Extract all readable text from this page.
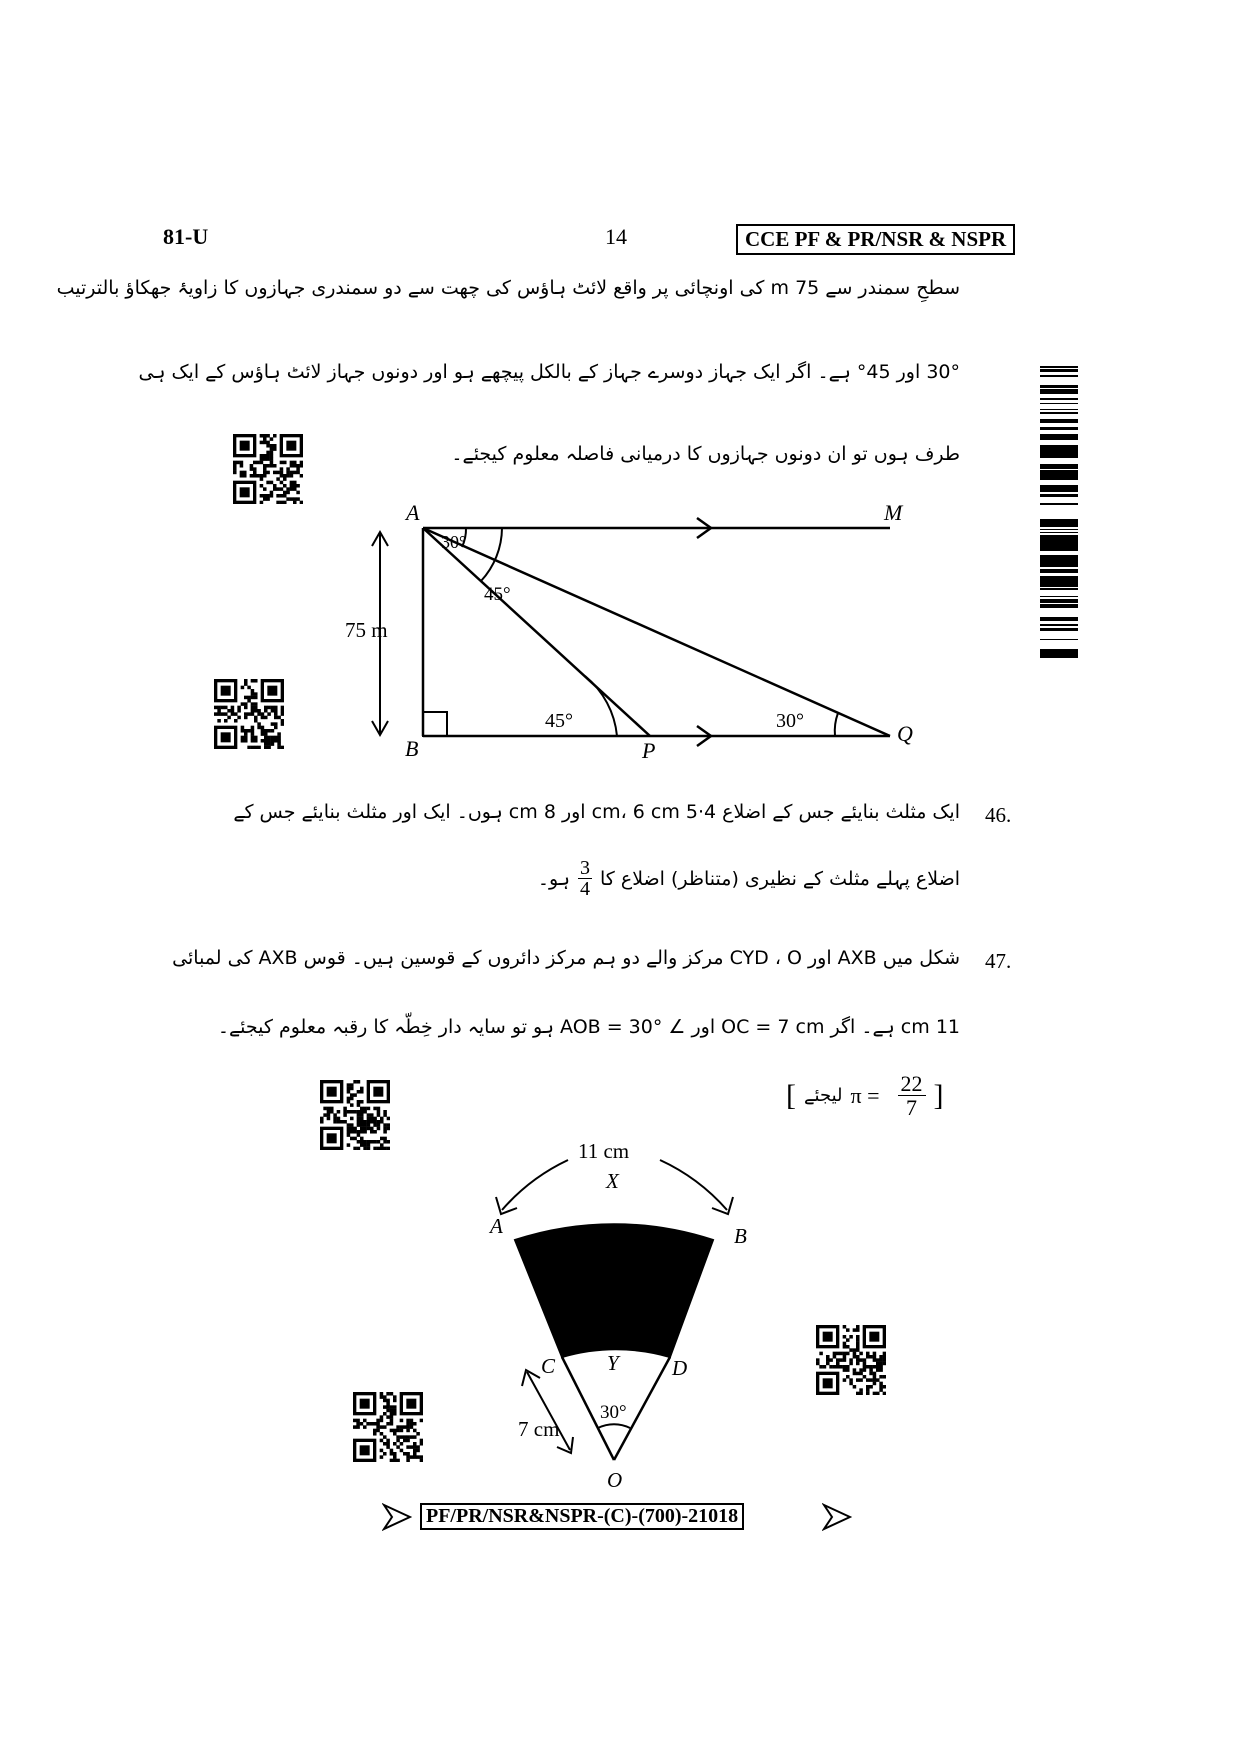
81-U	14	CCE PF & PR/NSR & NSPR
سطحِ سمندر سے 75 m کی اونچائی پر واقع لائٹ ہاؤس کی چھت سے دو سمندری جہازوں کا زاویۂ جھکاؤ بالترتیب
30° اور 45° ہے۔ اگر ایک جہاز دوسرے جہاز کے بالکل پیچھے ہو اور دونوں جہاز لائٹ ہاؤس کے ایک ہی
طرف ہوں تو ان دونوں جہازوں کا درمیانی فاصلہ معلوم کیجئے۔
A	M
B	P
Q
30°
45°
45°	30°
75 m
46.
ایک مثلث بنایئے جس کے اضلاع 4·5 cm، 6 cm اور 8 cm ہوں۔ ایک اور مثلث بنایئے جس کے
اضلاع پہلے مثلث کے نظیری (متناظر) اضلاع کا
$\frac{3}{4}$
ہو۔
47.
شکل میں AXB اور CYD ، O مرکز والے دو ہم مرکز دائروں کے قوسین ہیں۔ قوس AXB کی لمبائی
11 cm ہے۔ اگر OC = 7 cm اور ∠ AOB = 30° ہو تو سایہ دار خِطّہ کا رقبہ معلوم کیجئے۔
[ لیجئے $\pi = \frac{22}{7}$ ]
11 cm
X
A	B
C	D
Y
O
30°
7 cm
PF/PR/NSR&NSPR-(C)-(700)-21018
